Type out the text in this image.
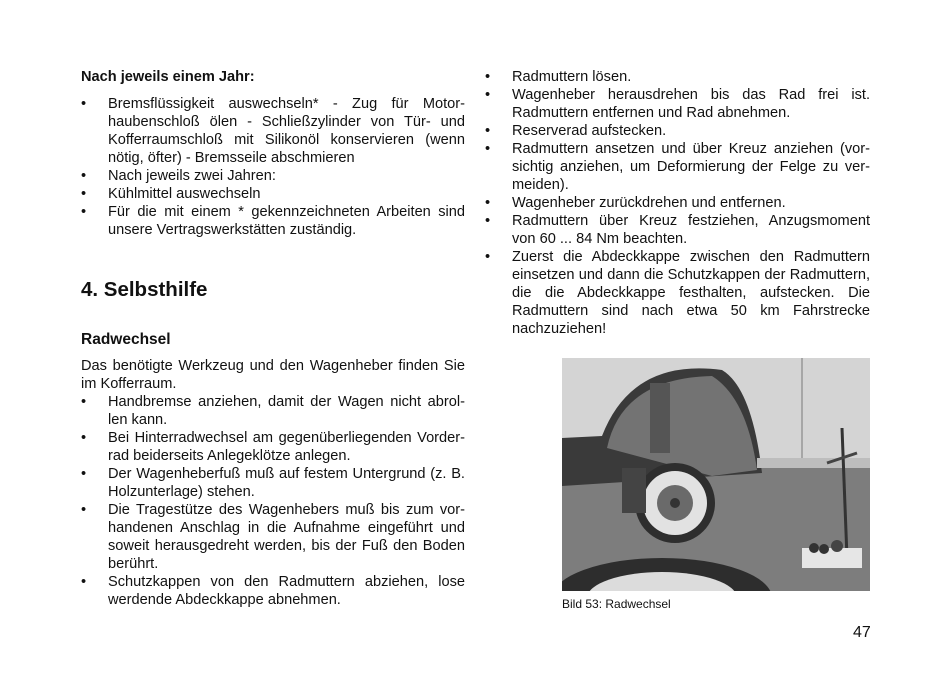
Nach jeweils einem Jahr:
•	Bremsflüssigkeit auswechseln* - Zug für Motor-haubenschloß ölen - Schließzylinder von Tür- und Kofferraumschloß mit Silikonöl konservieren (wenn nötig, öfter) - Bremsseile abschmieren
•	Nach jeweils zwei Jahren:
•	Kühlmittel auswechseln
•	Für die mit einem * gekennzeichneten Arbeiten sind unsere Vertragswerkstätten zuständig.
4. Selbsthilfe
Radwechsel

Das benötigte Werkzeug und den Wagenheber finden Sie im Kofferraum.

•	Handbremse anziehen, damit der Wagen nicht abrol-len kann.
•	Bei Hinterradwechsel am gegenüberliegenden Vorder-rad beiderseits Anlegeklötze anlegen.
•	Der Wagenheberfuß muß auf festem Untergrund (z. B. Holzunterlage) stehen.
•	Die Tragestütze des Wagenhebers muß bis zum vor-handenen Anschlag in die Aufnahme eingeführt und soweit herausgedreht werden, bis der Fuß den Boden berührt.
•	Schutzkappen von den Radmuttern abziehen, lose werdende Abdeckkappe abnehmen.
•	Radmuttern lösen.
•	Wagenheber herausdrehen bis das Rad frei ist. Radmuttern entfernen und Rad abnehmen.
•	Reserverad aufstecken.
•	Radmuttern ansetzen und über Kreuz anziehen (vor-sichtig anziehen, um Deformierung der Felge zu ver-meiden).
•	Wagenheber zurückdrehen und entfernen.
•	Radmuttern über Kreuz festziehen, Anzugsmoment von 60 ... 84 Nm beachten.
•	Zuerst die Abdeckkappe zwischen den Radmuttern einsetzen und dann die Schutzkappen der Radmuttern, die die Abdeckkappe festhalten, aufstecken. Die Radmuttern sind nach etwa 50 km Fahrstrecke nachzuziehen!
Bild 53: Radwechsel
47
